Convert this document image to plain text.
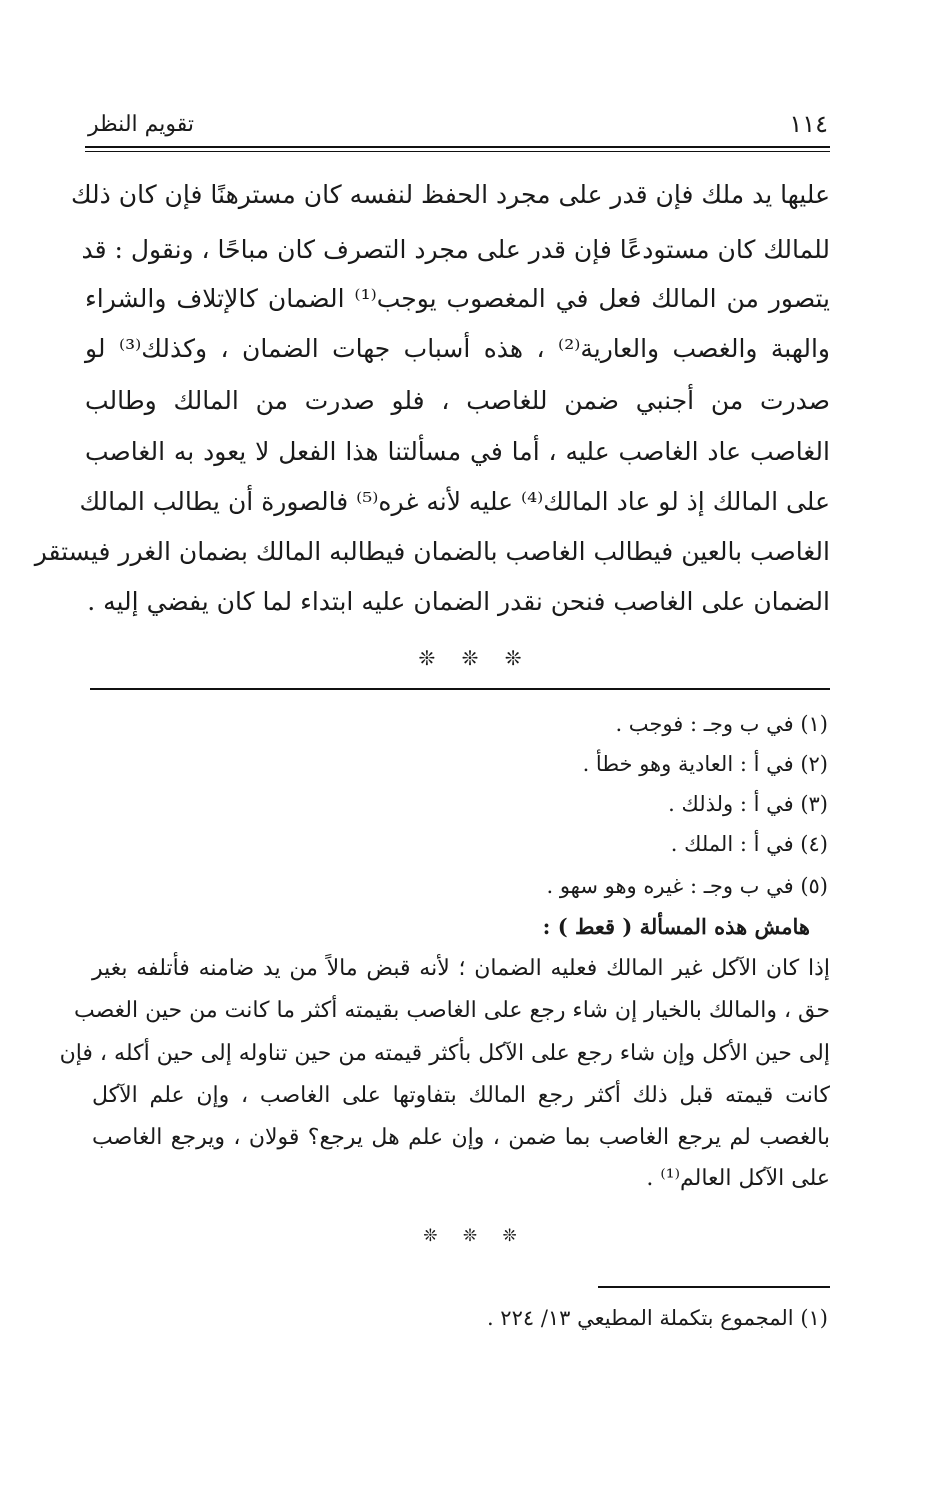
تقويم النظر	١١٤
عليها يد ملك فإن قدر على مجرد الحفظ لنفسه كان مسترهنًا فإن كان ذلك
للمالك كان مستودعًا فإن قدر على مجرد التصرف كان مباحًا ، ونقول : قد
يتصور من المالك فعل في المغصوب يوجب⁽¹⁾ الضمان كالإتلاف والشراء
والهبة والغصب والعارية⁽²⁾ ، هذه أسباب جهات الضمان ، وكذلك⁽³⁾ لو
صدرت من أجنبي ضمن للغاصب ، فلو صدرت من المالك وطالب
الغاصب عاد الغاصب عليه ، أما في مسألتنا هذا الفعل لا يعود به الغاصب
على المالك إذ لو عاد المالك⁽⁴⁾ عليه لأنه غره⁽⁵⁾ فالصورة أن يطالب المالك
الغاصب بالعين فيطالب الغاصب بالضمان فيطالبه المالك بضمان الغرر فيستقر
الضمان على الغاصب فنحن نقدر الضمان عليه ابتداء لما كان يفضي إليه .
❊ ❊ ❊
(١) في ب وجـ : فوجب .
(٢) في أ : العادية وهو خطأ .
(٣) في أ : ولذلك .
(٤) في أ : الملك .
(٥) في ب وجـ : غيره وهو سهو .
هامش هذه المسألة ( قعط ) :
إذا كان الآكل غير المالك فعليه الضمان ؛ لأنه قبض مالاً من يد ضامنه فأتلفه بغير
حق ، والمالك بالخيار إن شاء رجع على الغاصب بقيمته أكثر ما كانت من حين الغصب
إلى حين الأكل وإن شاء رجع على الآكل بأكثر قيمته من حين تناوله إلى حين أكله ، فإن
كانت قيمته قبل ذلك أكثر رجع المالك بتفاوتها على الغاصب ، وإن علم الآكل
بالغصب لم يرجع الغاصب بما ضمن ، وإن علم هل يرجع؟ قولان ، ويرجع الغاصب
على الآكل العالم⁽¹⁾ .
❊ ❊ ❊
(١) المجموع بتكملة المطيعي ١٣/ ٢٢٤ .
